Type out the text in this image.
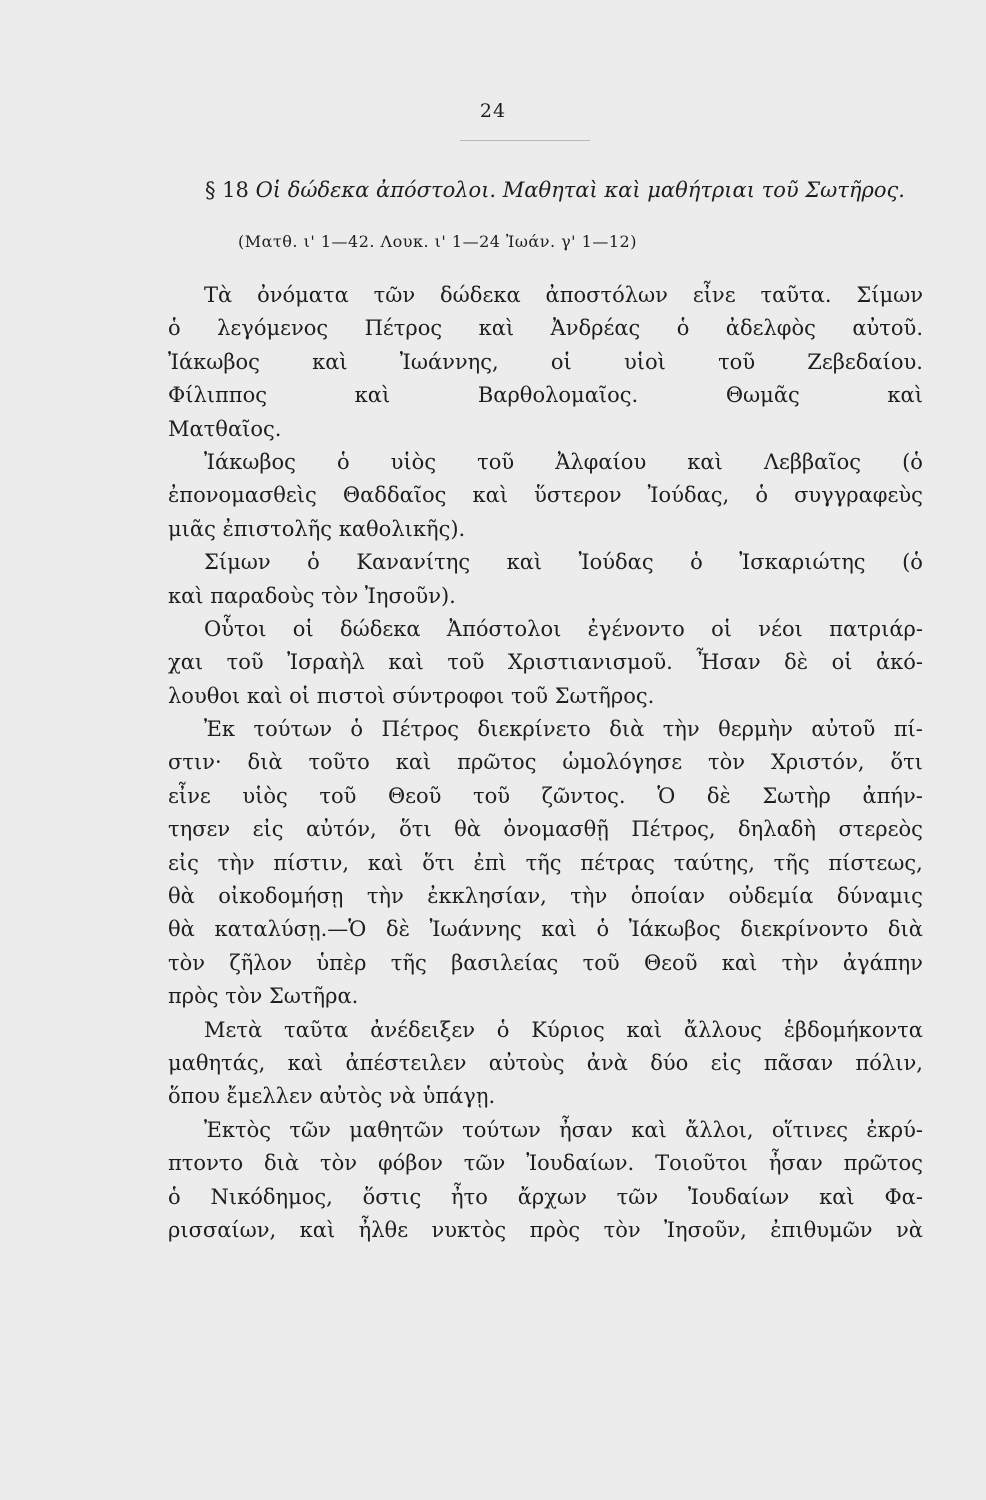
24
§ 18 Οἱ δώδεκα ἀπόστολοι. Μαθηταὶ καὶ μαθήτριαι τοῦ Σωτῆρος.
(Ματθ. ι' 1—42. Λουκ. ι' 1—24 Ἰωάν. γ' 1—12)
Τὰ ὀνόματα τῶν δώδεκα ἀποστόλων εἶνε ταῦτα. Σίμων
ὁ λεγόμενος Πέτρος καὶ Ἀνδρέας ὁ ἀδελφὸς αὐτοῦ.
Ἰάκωβος καὶ Ἰωάννης, οἱ υἱοὶ τοῦ Ζεβεδαίου.
Φίλιππος	καὶ	Βαρθολομαῖος.	Θωμᾶς	καὶ
Ματθαῖος.
Ἰάκωβος ὁ υἱὸς τοῦ Ἀλφαίου καὶ Λεββαῖος (ὁ
ἐπονομασθεὶς Θαδδαῖος καὶ ὕστερον Ἰούδας, ὁ συγγραφεὺς
μιᾶς ἐπιστολῆς καθολικῆς).
Σίμων ὁ Κανανίτης καὶ Ἰούδας ὁ Ἰσκαριώτης (ὁ
καὶ παραδοὺς τὸν Ἰησοῦν).
Οὗτοι οἱ δώδεκα Ἀπόστολοι ἐγένοντο οἱ νέοι πατριάρ-
χαι τοῦ Ἰσραὴλ καὶ τοῦ Χριστιανισμοῦ. Ἦσαν δὲ οἱ ἀκό-
λουθοι καὶ οἱ πιστοὶ σύντροφοι τοῦ Σωτῆρος.
Ἐκ τούτων ὁ Πέτρος διεκρίνετο διὰ τὴν θερμὴν αὐτοῦ πί-
στιν· διὰ τοῦτο καὶ πρῶτος ὡμολόγησε τὸν Χριστόν, ὅτι
εἶνε υἱὸς τοῦ Θεοῦ τοῦ ζῶντος. Ὁ δὲ Σωτὴρ ἀπήν-
τησεν εἰς αὐτόν, ὅτι θὰ ὀνομασθῇ Πέτρος, δηλαδὴ στερεὸς
εἰς τὴν πίστιν, καὶ ὅτι ἐπὶ τῆς πέτρας ταύτης, τῆς πίστεως,
θὰ οἰκοδομήσῃ τὴν ἐκκλησίαν, τὴν ὁποίαν οὐδεμία δύναμις
θὰ καταλύσῃ.—Ὁ δὲ Ἰωάννης καὶ ὁ Ἰάκωβος διεκρίνοντο διὰ
τὸν ζῆλον ὑπὲρ τῆς βασιλείας τοῦ Θεοῦ καὶ τὴν ἀγάπην
πρὸς τὸν Σωτῆρα.
Μετὰ ταῦτα ἀνέδειξεν ὁ Κύριος καὶ ἄλλους ἑβδομήκοντα
μαθητάς, καὶ ἀπέστειλεν αὐτοὺς ἀνὰ δύο εἰς πᾶσαν πόλιν,
ὅπου ἔμελλεν αὐτὸς νὰ ὑπάγῃ.
Ἐκτὸς τῶν μαθητῶν τούτων ἦσαν καὶ ἄλλοι, οἵτινες ἐκρύ-
πτοντο διὰ τὸν φόβον τῶν Ἰουδαίων. Τοιοῦτοι ἦσαν πρῶτος
ὁ Νικόδημος, ὅστις ἦτο ἄρχων τῶν Ἰουδαίων καὶ Φα-
ρισσαίων, καὶ ἦλθε νυκτὸς πρὸς τὸν Ἰησοῦν, ἐπιθυμῶν νὰ
